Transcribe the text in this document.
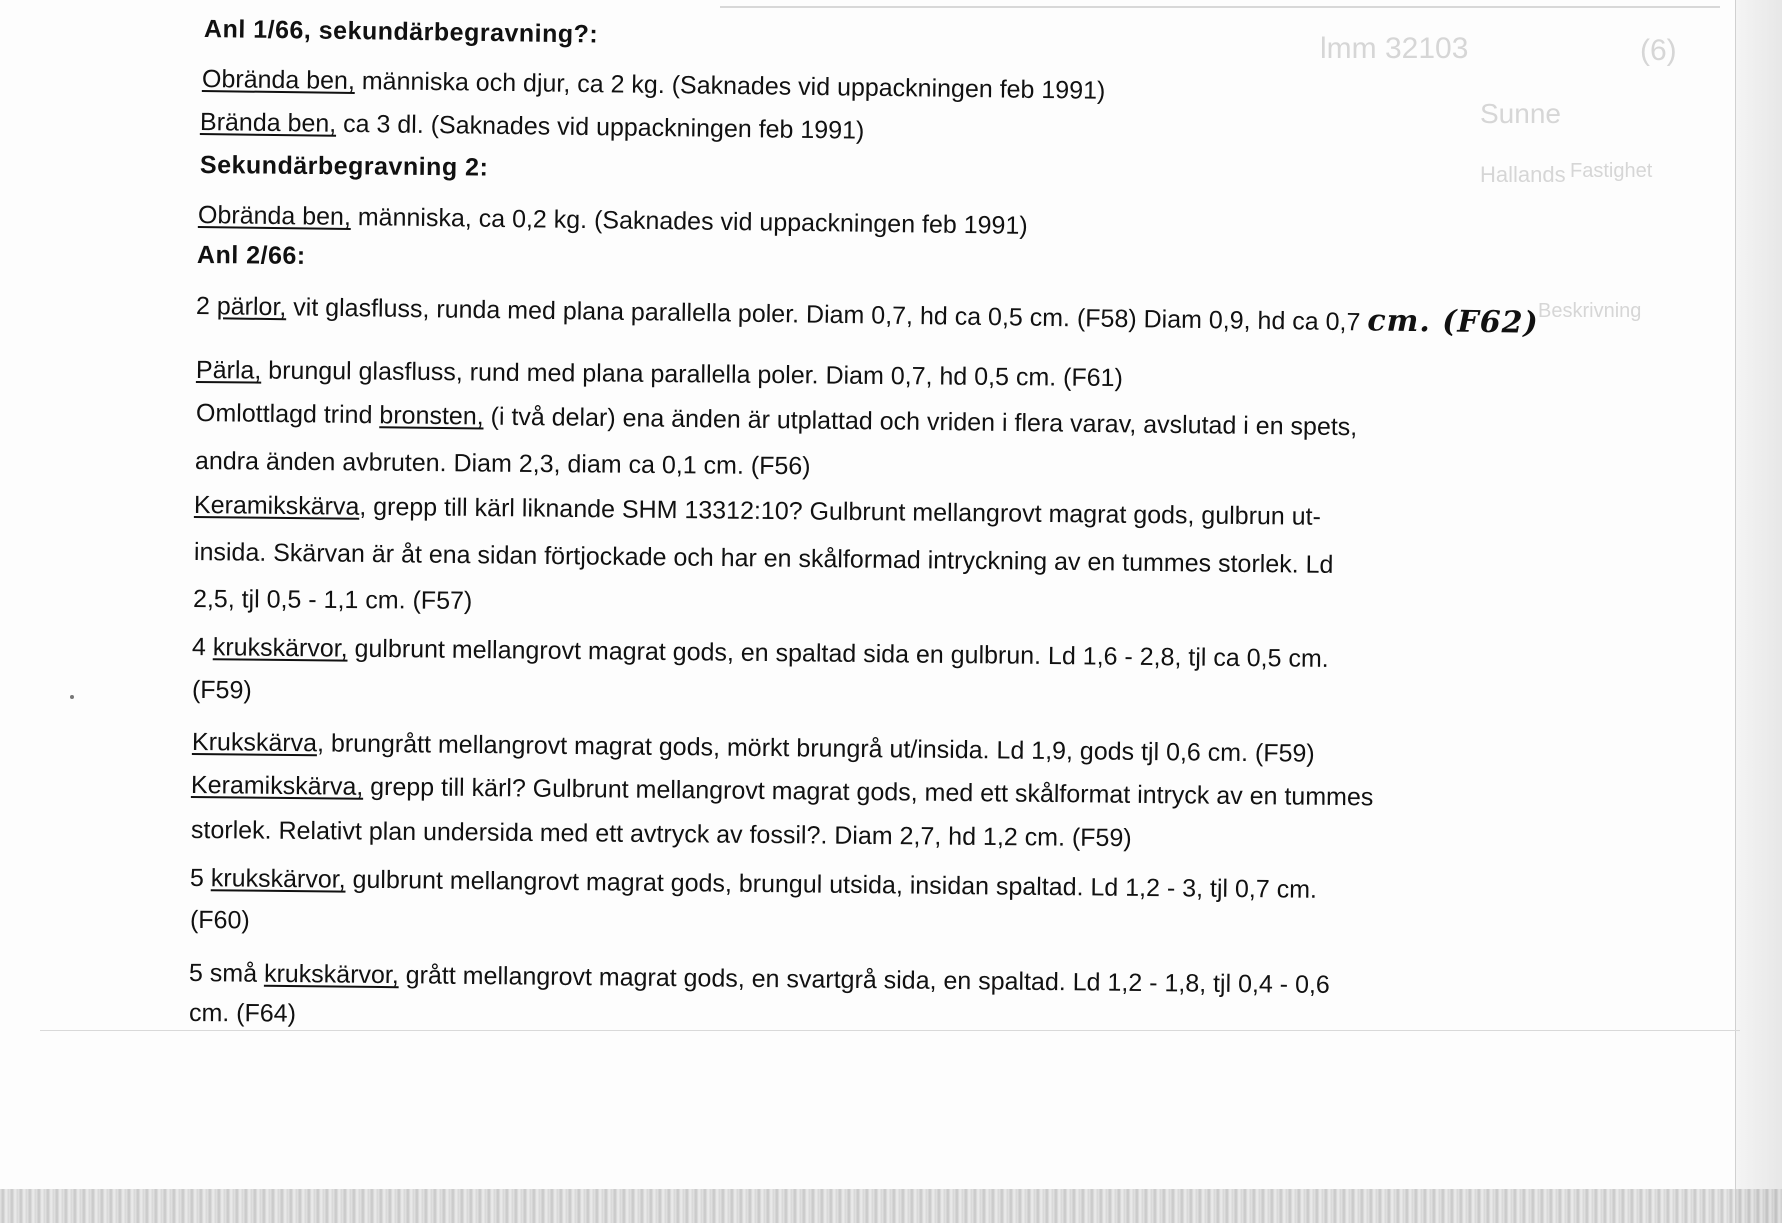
lmm 32103	(6)
Sunne
Fastighet
Hallands
Beskrivning
Anl 1/66, sekundärbegravning?:
Obrända ben, människa och djur, ca 2 kg. (Saknades vid uppackningen feb 1991)
Brända ben, ca 3 dl. (Saknades vid uppackningen feb 1991)
Sekundärbegravning 2:
Obrända ben, människa, ca 0,2 kg. (Saknades vid uppackningen feb 1991)
Anl 2/66:
2 pärlor, vit glasfluss, runda med plana parallella poler. Diam 0,7, hd ca 0,5 cm. (F58) Diam 0,9, hd ca 0,7 cm. (F62)
Pärla, brungul glasfluss, rund med plana parallella poler. Diam 0,7, hd 0,5 cm. (F61)
Omlottlagd trind bronsten, (i två delar) ena änden är utplattad och vriden i flera varav, avslutad i en spets,
andra änden avbruten. Diam 2,3, diam ca 0,1 cm. (F56)
Keramikskärva, grepp till kärl liknande SHM 13312:10? Gulbrunt mellangrovt magrat gods, gulbrun ut-
insida. Skärvan är åt ena sidan förtjockade och har en skålformad intryckning av en tummes storlek. Ld
2,5, tjl 0,5 - 1,1 cm. (F57)
4 krukskärvor, gulbrunt mellangrovt magrat gods, en spaltad sida en gulbrun. Ld 1,6 - 2,8, tjl ca 0,5 cm.
(F59)
Krukskärva, brungrått mellangrovt magrat gods, mörkt brungrå ut/insida. Ld 1,9, gods tjl 0,6 cm. (F59)
Keramikskärva, grepp till kärl? Gulbrunt mellangrovt magrat gods, med ett skålformat intryck av en tummes
storlek. Relativt plan undersida med ett avtryck av fossil?. Diam 2,7, hd 1,2 cm. (F59)
5 krukskärvor, gulbrunt mellangrovt magrat gods, brungul utsida, insidan spaltad. Ld 1,2 - 3, tjl 0,7 cm.
(F60)
5 små krukskärvor, grått mellangrovt magrat gods, en svartgrå sida, en spaltad. Ld 1,2 - 1,8, tjl 0,4 - 0,6
cm. (F64)
